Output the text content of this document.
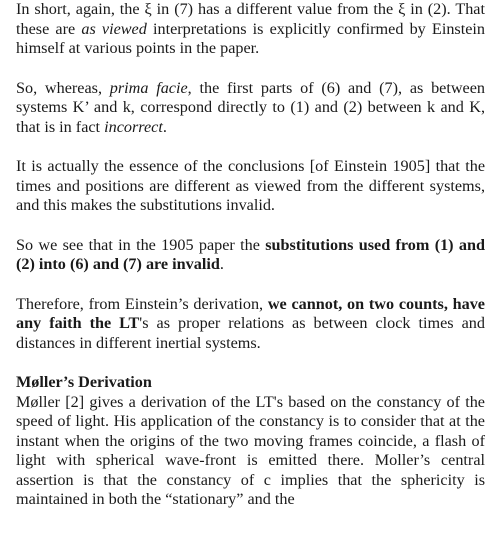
In short, again, the ξ in (7) has a different value from the ξ in (2). That these are as viewed interpretations is explicitly confirmed by Einstein himself at various points in the paper.

So, whereas, prima facie, the first parts of (6) and (7), as between systems K’ and k, correspond directly to (1) and (2) between k and K, that is in fact incorrect.

It is actually the essence of the conclusions [of Einstein 1905] that the times and positions are different as viewed from the different systems, and this makes the substitutions invalid.

So we see that in the 1905 paper the substitutions used from (1) and (2) into (6) and (7) are invalid.

Therefore, from Einstein’s derivation, we cannot, on two counts, have any faith the LT's as proper relations as between clock times and distances in different inertial systems.

Møller’s Derivation

Møller [2] gives a derivation of the LT's based on the constancy of the speed of light. His application of the constancy is to consider that at the instant when the origins of the two moving frames coincide, a flash of light with spherical wave-front is emitted there. Moller’s central assertion is that the constancy of c implies that the sphericity is maintained in both the “stationary” and the
